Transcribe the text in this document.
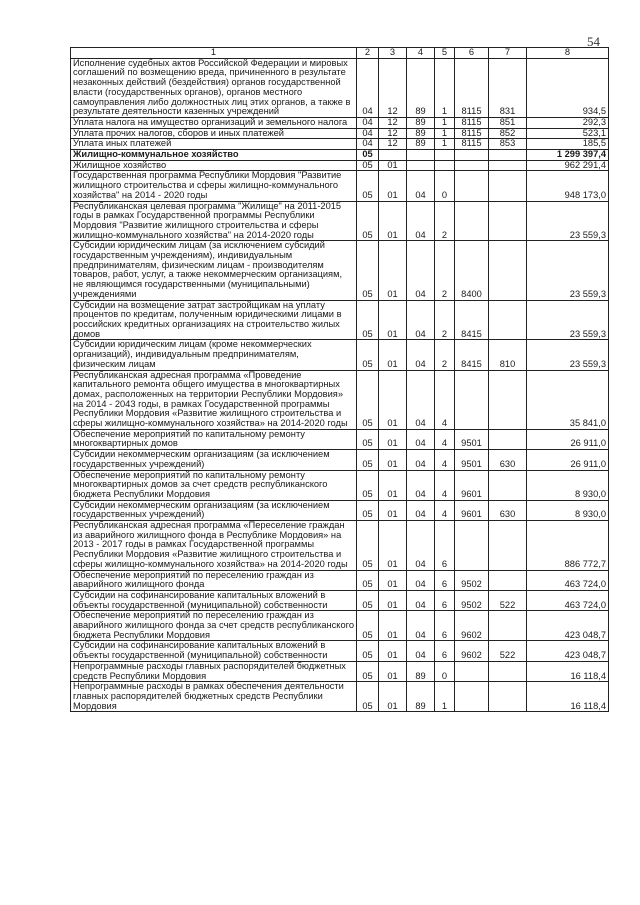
54
1	2	3	4	5	6	7	8
Исполнение судебных актов Российской Федерации и мировых соглашений по возмещению вреда, причиненного в результате незаконных действий (бездействия) органов государственной власти (государственных органов), органов местного самоуправления либо должностных лиц этих органов, а также в результате деятельности казенных учреждений	04	12	89	1	8115	831	934,5
Уплата налога на имущество организаций и земельного налога	04	12	89	1	8115	851	292,3
Уплата прочих налогов, сборов и иных платежей	04	12	89	1	8115	852	523,1
Уплата иных платежей	04	12	89	1	8115	853	185,5
Жилищно-коммунальное хозяйство	05						1 299 397,4
Жилищное хозяйство	05	01					962 291,4
Государственная программа Республики Мордовия "Развитие жилищного строительства и сферы жилищно-коммунального хозяйства" на 2014 - 2020 годы	05	01	04	0			948 173,0
Республиканская целевая программа "Жилище" на 2011-2015 годы в рамках Государственной программы Республики Мордовия "Развитие жилищного строительства и сферы жилищно-коммунального хозяйства" на 2014-2020 годы	05	01	04	2			23 559,3
Субсидии юридическим лицам (за исключением субсидий государственным учреждениям), индивидуальным предпринимателям, физическим лицам - производителям товаров, работ, услуг, а также некоммерческим организациям, не являющимся государственными (муниципальными) учреждениями	05	01	04	2	8400		23 559,3
Субсидии на возмещение затрат застройщикам на уплату процентов по кредитам, полученным юридическими лицами в российских кредитных организациях на строительство жилых домов	05	01	04	2	8415		23 559,3
Субсидии юридическим лицам (кроме некоммерческих организаций), индивидуальным предпринимателям, физическим лицам	05	01	04	2	8415	810	23 559,3
Республиканская адресная программа «Проведение капитального ремонта общего имущества в многоквартирных домах, расположенных на территории Республики Мордовия» на 2014 - 2043 годы, в рамках Государственной программы Республики Мордовия «Развитие жилищного строительства и сферы жилищно-коммунального хозяйства» на 2014-2020 годы	05	01	04	4			35 841,0
Обеспечение мероприятий по капитальному ремонту многоквартирных домов	05	01	04	4	9501		26 911,0
Субсидии некоммерческим организациям (за исключением государственных учреждений)	05	01	04	4	9501	630	26 911,0
Обеспечение мероприятий по капитальному ремонту многоквартирных домов за счет средств республиканского бюджета Республики Мордовия	05	01	04	4	9601		8 930,0
Субсидии некоммерческим организациям (за исключением государственных учреждений)	05	01	04	4	9601	630	8 930,0
Республиканская адресная программа «Переселение граждан из аварийного жилищного фонда в Республике Мордовия» на 2013 - 2017 годы в рамках Государственной программы Республики Мордовия «Развитие жилищного строительства и сферы жилищно-коммунального хозяйства» на 2014-2020 годы	05	01	04	6			886 772,7
Обеспечение мероприятий по переселению граждан из аварийного жилищного фонда	05	01	04	6	9502		463 724,0
Субсидии на софинансирование капитальных вложений в объекты государственной (муниципальной) собственности	05	01	04	6	9502	522	463 724,0
Обеспечение мероприятий по переселению граждан из аварийного жилищного фонда за счет средств республиканского бюджета Республики Мордовия	05	01	04	6	9602		423 048,7
Субсидии на софинансирование капитальных вложений в объекты государственной (муниципальной) собственности	05	01	04	6	9602	522	423 048,7
Непрограммные расходы главных распорядителей бюджетных средств Республики Мордовия	05	01	89	0			16 118,4
Непрограммные расходы в рамках обеспечения деятельности главных распорядителей бюджетных средств Республики Мордовия	05	01	89	1			16 118,4
